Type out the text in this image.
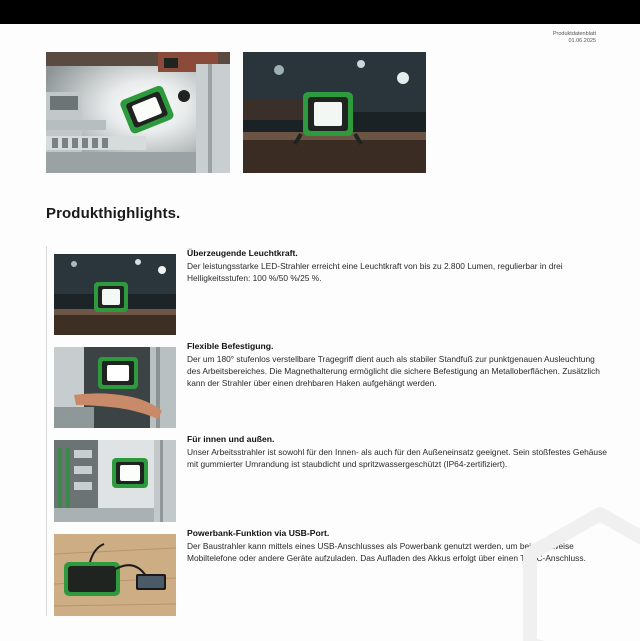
Produktdatenblatt
01.06.2025
Produkthighlights.
Überzeugende Leuchtkraft.

Der leistungsstarke LED-Strahler erreicht eine Leuchtkraft von bis zu 2.800 Lumen, regulierbar in drei Helligkeitsstufen: 100 %/50 %/25 %.

Flexible Befestigung.

Der um 180° stufenlos verstellbare Tragegriff dient auch als stabiler Standfuß zur punktgenauen Ausleuchtung des Arbeitsbereiches. Die Magnethalterung ermöglicht die sichere Befestigung an Metalloberflächen. Zusätzlich kann der Strahler über einen drehbaren Haken aufgehängt werden.

Für innen und außen.

Unser Arbeitsstrahler ist sowohl für den Innen- als auch für den Außeneinsatz geeignet. Sein stoßfestes Gehäuse mit gummierter Umrandung ist staubdicht und spritzwassergeschützt (IP64-zertifiziert).

Powerbank-Funktion via USB-Port.

Der Baustrahler kann mittels eines USB-Anschlusses als Powerbank genutzt werden, um beispielsweise Mobiltelefone oder andere Geräte aufzuladen. Das Aufladen des Akkus erfolgt über einen Typ-C-Anschluss.
